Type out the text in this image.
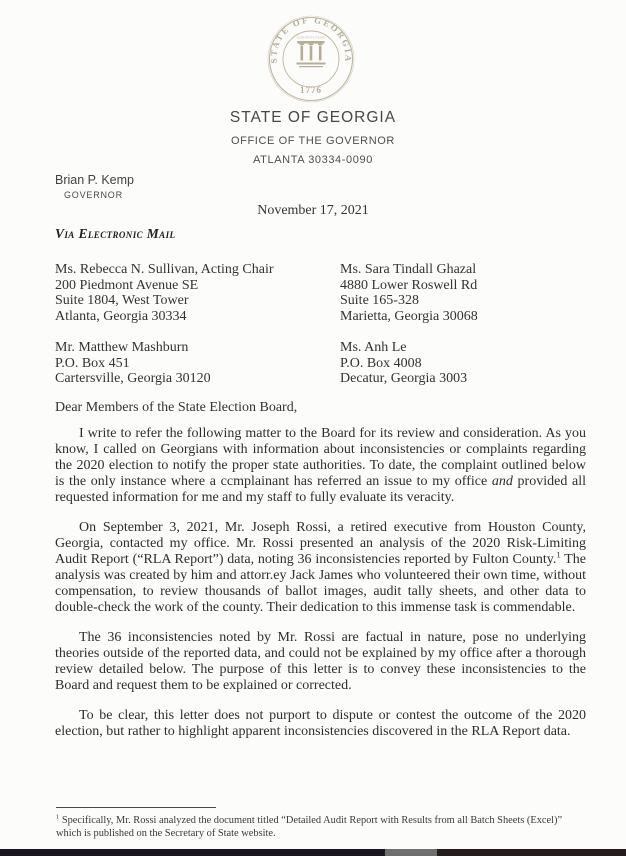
STATE OF GEORGIA
CONSTITUTION
1776
STATE OF GEORGIA
OFFICE OF THE GOVERNOR
ATLANTA 30334-0090
Brian P. Kemp
GOVERNOR
November 17, 2021
Via Electronic Mail
Ms. Rebecca N. Sullivan, Acting Chair
200 Piedmont Avenue SE
Suite 1804, West Tower
Atlanta, Georgia 30334
Ms. Sara Tindall Ghazal
4880 Lower Roswell Rd
Suite 165-328
Marietta, Georgia 30068
Mr. Matthew Mashburn
P.O. Box 451
Cartersville, Georgia 30120
Ms. Anh Le
P.O. Box 4008
Decatur, Georgia 3003
Dear Members of the State Election Board,

I write to refer the following matter to the Board for its review and consideration. As you know, I called on Georgians with information about inconsistencies or complaints regarding the 2020 election to notify the proper state authorities. To date, the complaint outlined below is the only instance where a ccmplainant has referred an issue to my office and provided all requested information for me and my staff to fully evaluate its veracity.

On September 3, 2021, Mr. Joseph Rossi, a retired executive from Houston County, Georgia, contacted my office. Mr. Rossi presented an analysis of the 2020 Risk-Limiting Audit Report (“RLA Report”) data, noting 36 inconsistencies reported by Fulton County.$^1$ The analysis was created by him and attorr.ey Jack James who volunteered their own time, without compensation, to review thousands of ballot images, audit tally sheets, and other data to double-check the work of the county. Their dedication to this immense task is commendable.

The 36 inconsistencies noted by Mr. Rossi are factual in nature, pose no underlying theories outside of the reported data, and could not be explained by my office after a thorough review detailed below. The purpose of this letter is to convey these inconsistencies to the Board and request them to be explained or corrected.

To be clear, this letter does not purport to dispute or contest the outcome of the 2020 election, but rather to highlight apparent inconsistencies discovered in the RLA Report data.

$^1$ Specifically, Mr. Rossi analyzed the document titled “Detailed Audit Report with Results from all Batch Sheets (Excel)” which is published on the Secretary of State website.
